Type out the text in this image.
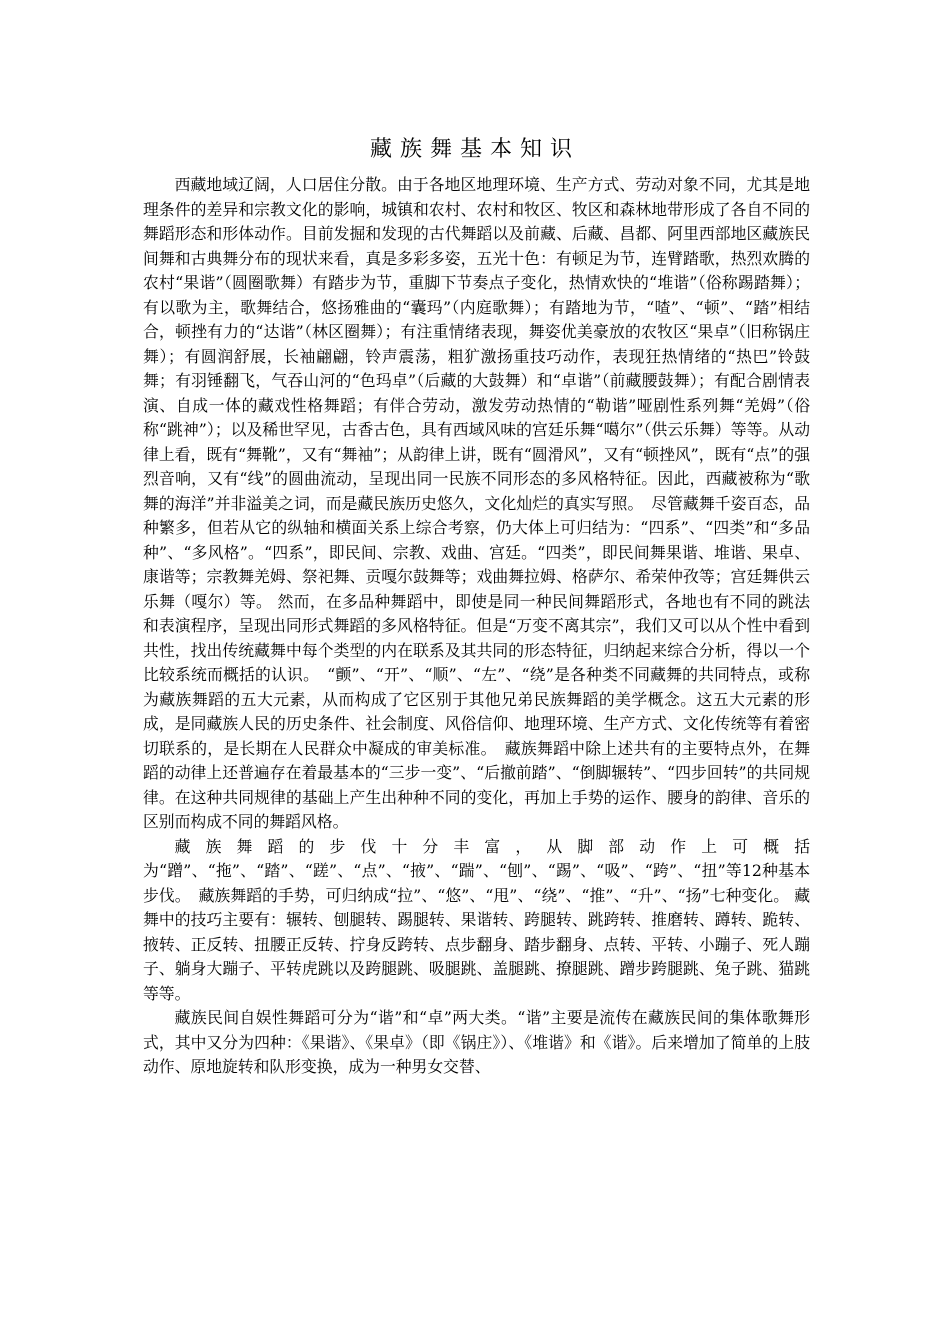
藏族舞基本知识

西藏地域辽阔，人口居住分散。由于各地区地理环境、生产方式、劳动对象不同，尤其是地理条件的差异和宗教文化的影响，城镇和农村、农村和牧区、牧区和森林地带形成了各自不同的舞蹈形态和形体动作。目前发掘和发现的古代舞蹈以及前藏、后藏、昌都、阿里西部地区藏族民间舞和古典舞分布的现状来看，真是多彩多姿，五光十色：有顿足为节，连臂踏歌，热烈欢腾的农村“果谐”（圆圈歌舞）有踏步为节，重脚下节奏点子变化，热情欢快的“堆谐”（俗称踢踏舞）；有以歌为主，歌舞结合，悠扬雅曲的“囊玛”（内庭歌舞）；有踏地为节，“喳”、“顿”、“踏”相结合，顿挫有力的“达谐”（林区圈舞）；有注重情绪表现，舞姿优美豪放的农牧区“果卓”（旧称锅庄舞）；有圆润舒展，长袖翩翩，铃声震荡，粗犷激扬重技巧动作，表现狂热情绪的“热巴”铃鼓舞；有羽锤翻飞，气吞山河的“色玛卓”（后藏的大鼓舞）和“卓谐”（前藏腰鼓舞）；有配合剧情表演、自成一体的藏戏性格舞蹈；有伴合劳动，激发劳动热情的“勒谐”哑剧性系列舞“羌姆”（俗称“跳神”）；以及稀世罕见，古香古色，具有西域风味的宫廷乐舞“噶尔”（供云乐舞）等等。从动律上看，既有“舞靴”，又有“舞袖”；从韵律上讲，既有“圆滑风”，又有“顿挫风”，既有“点”的强烈音响，又有“线”的圆曲流动，呈现出同一民族不同形态的多风格特征。因此，西藏被称为“歌舞的海洋”并非溢美之词，而是藏民族历史悠久，文化灿烂的真实写照。　尽管藏舞千姿百态，品种繁多，但若从它的纵轴和横面关系上综合考察，仍大体上可归结为：“四系”、“四类”和“多品种”、“多风格”。“四系”，即民间、宗教、戏曲、宫廷。“四类”，即民间舞果谐、堆谐、果卓、康谐等；宗教舞羌姆、祭祀舞、贡嘎尔鼓舞等；戏曲舞拉姆、格萨尔、希荣仲孜等；宫廷舞供云乐舞（嘎尔）等。 然而，在多品种舞蹈中，即使是同一种民间舞蹈形式，各地也有不同的跳法和表演程序，呈现出同形式舞蹈的多风格特征。但是“万变不离其宗”，我们又可以从个性中看到共性，找出传统藏舞中每个类型的内在联系及其共同的形态特征，归纳起来综合分析，得以一个比较系统而概括的认识。　“颤”、“开”、“顺”、“左”、“绕”是各种类不同藏舞的共同特点，或称为藏族舞蹈的五大元素，从而构成了它区别于其他兄弟民族舞蹈的美学概念。这五大元素的形成，是同藏族人民的历史条件、社会制度、风俗信仰、地理环境、生产方式、文化传统等有着密切联系的，是长期在人民群众中凝成的审美标准。　藏族舞蹈中除上述共有的主要特点外，在舞蹈的动律上还普遍存在着最基本的“三步一变”、“后撤前踏”、“倒脚辗转”、“四步回转”的共同规律。在这种共同规律的基础上产生出种种不同的变化，再加上手势的运作、腰身的韵律、音乐的区别而构成不同的舞蹈风格。

藏族舞蹈的步伐十分丰富，从脚部动作上可概括为“蹭”、“拖”、“踏”、“蹉”、“点”、“掖”、“踹”、“刨”、“踢”、“吸”、“跨”、“扭”等12种基本步伐。　藏族舞蹈的手势，可归纳成“拉”、“悠”、“甩”、“绕”、“推”、“升”、“扬”七种变化。 藏舞中的技巧主要有：辗转、刨腿转、踢腿转、果谐转、跨腿转、跳跨转、推磨转、蹲转、跪转、掖转、正反转、扭腰正反转、拧身反跨转、点步翻身、踏步翻身、点转、平转、小蹦子、死人蹦子、躺身大蹦子、平转虎跳以及跨腿跳、吸腿跳、盖腿跳、撩腿跳、蹭步跨腿跳、兔子跳、猫跳等等。

藏族民间自娱性舞蹈可分为“谐”和“卓”两大类。“谐”主要是流传在藏族民间的集体歌舞形式，其中又分为四种：《果谐》、《果卓》（即《锅庄》）、《堆谐》和《谐》。后来增加了简单的上肢动作、原地旋转和队形变换，成为一种男女交替、
